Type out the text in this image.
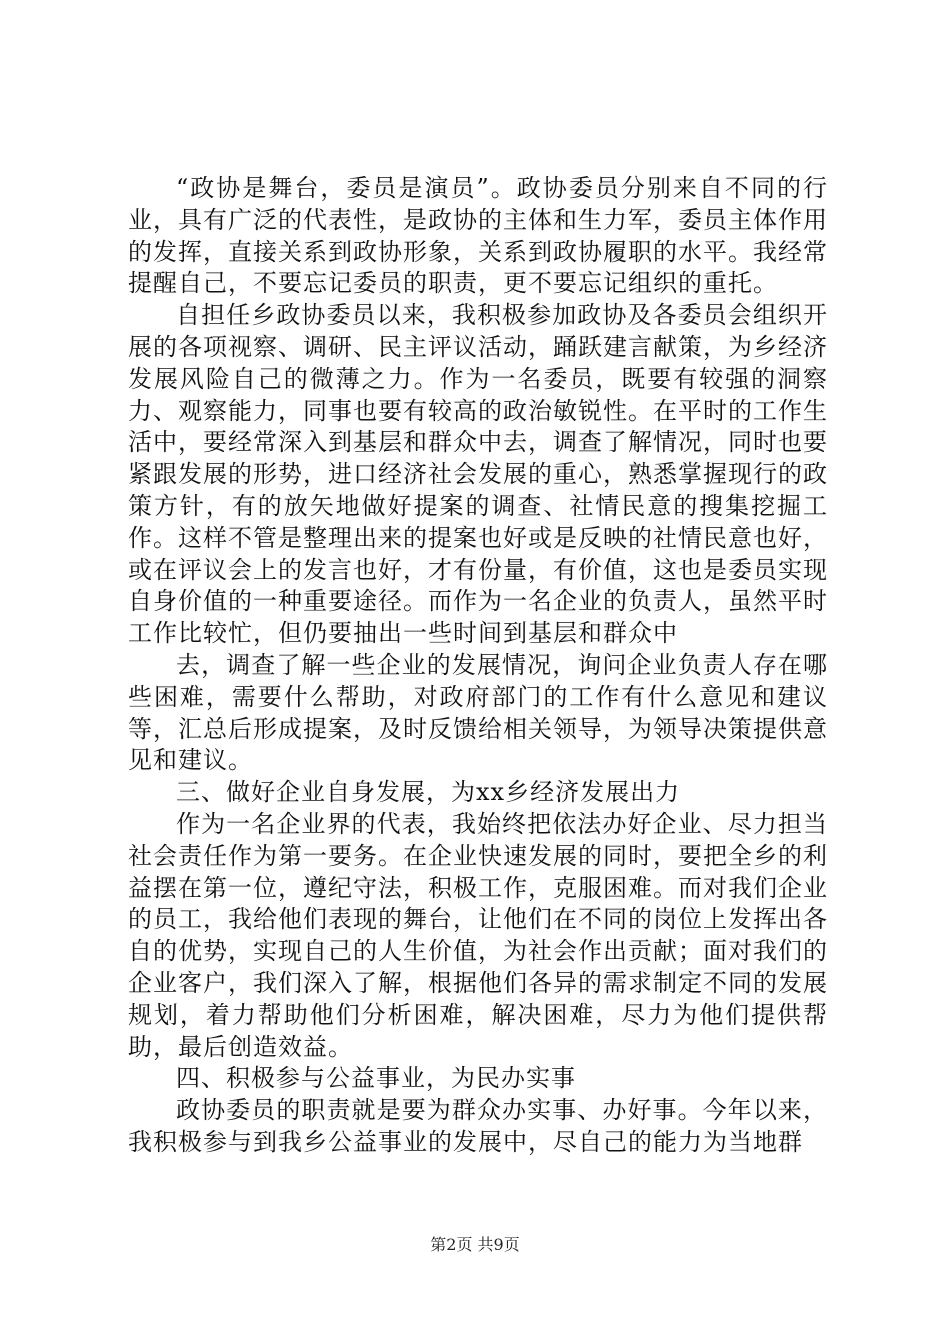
“政协是舞台，委员是演员”。政协委员分别来自不同的行业，具有广泛的代表性，是政协的主体和生力军，委员主体作用的发挥，直接关系到政协形象，关系到政协履职的水平。我经常提醒自己，不要忘记委员的职责，更不要忘记组织的重托。

自担任乡政协委员以来，我积极参加政协及各委员会组织开展的各项视察、调研、民主评议活动，踊跃建言献策，为乡经济发展风险自己的微薄之力。作为一名委员，既要有较强的洞察力、观察能力，同事也要有较高的政治敏锐性。在平时的工作生活中，要经常深入到基层和群众中去，调查了解情况，同时也要紧跟发展的形势，进口经济社会发展的重心，熟悉掌握现行的政策方针，有的放矢地做好提案的调查、社情民意的搜集挖掘工作。这样不管是整理出来的提案也好或是反映的社情民意也好，或在评议会上的发言也好，才有份量，有价值，这也是委员实现自身价值的一种重要途径。而作为一名企业的负责人，虽然平时工作比较忙，但仍要抽出一些时间到基层和群众中

去，调查了解一些企业的发展情况，询问企业负责人存在哪些困难，需要什么帮助，对政府部门的工作有什么意见和建议等，汇总后形成提案，及时反馈给相关领导，为领导决策提供意见和建议。

三、做好企业自身发展，为xx乡经济发展出力

作为一名企业界的代表，我始终把依法办好企业、尽力担当社会责任作为第一要务。在企业快速发展的同时，要把全乡的利益摆在第一位，遵纪守法，积极工作，克服困难。而对我们企业的员工，我给他们表现的舞台，让他们在不同的岗位上发挥出各自的优势，实现自己的人生价值，为社会作出贡献；面对我们的企业客户，我们深入了解，根据他们各异的需求制定不同的发展规划，着力帮助他们分析困难，解决困难，尽力为他们提供帮助，最后创造效益。

四、积极参与公益事业，为民办实事

政协委员的职责就是要为群众办实事、办好事。今年以来，我积极参与到我乡公益事业的发展中，尽自己的能力为当地群

第2页 共9页
